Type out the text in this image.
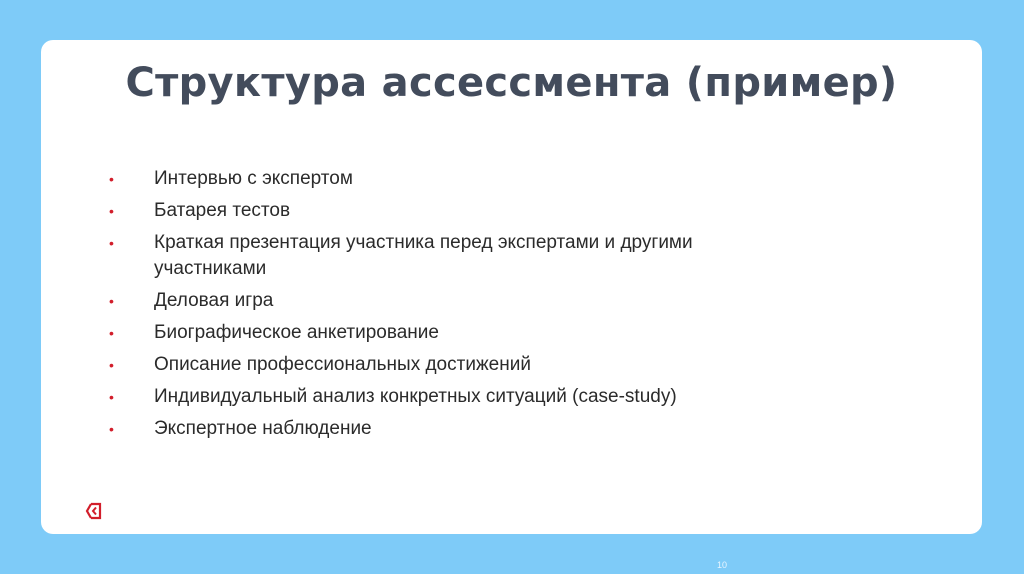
Структура ассессмента (пример)
•	Интервью с экспертом
•	Батарея тестов
•	Краткая презентация участника перед экспертами и другими участниками
•	Деловая игра
•	Биографическое анкетирование
•	Описание профессиональных достижений
•	Индивидуальный анализ конкретных ситуаций (case-study)
•	Экспертное наблюдение
10
